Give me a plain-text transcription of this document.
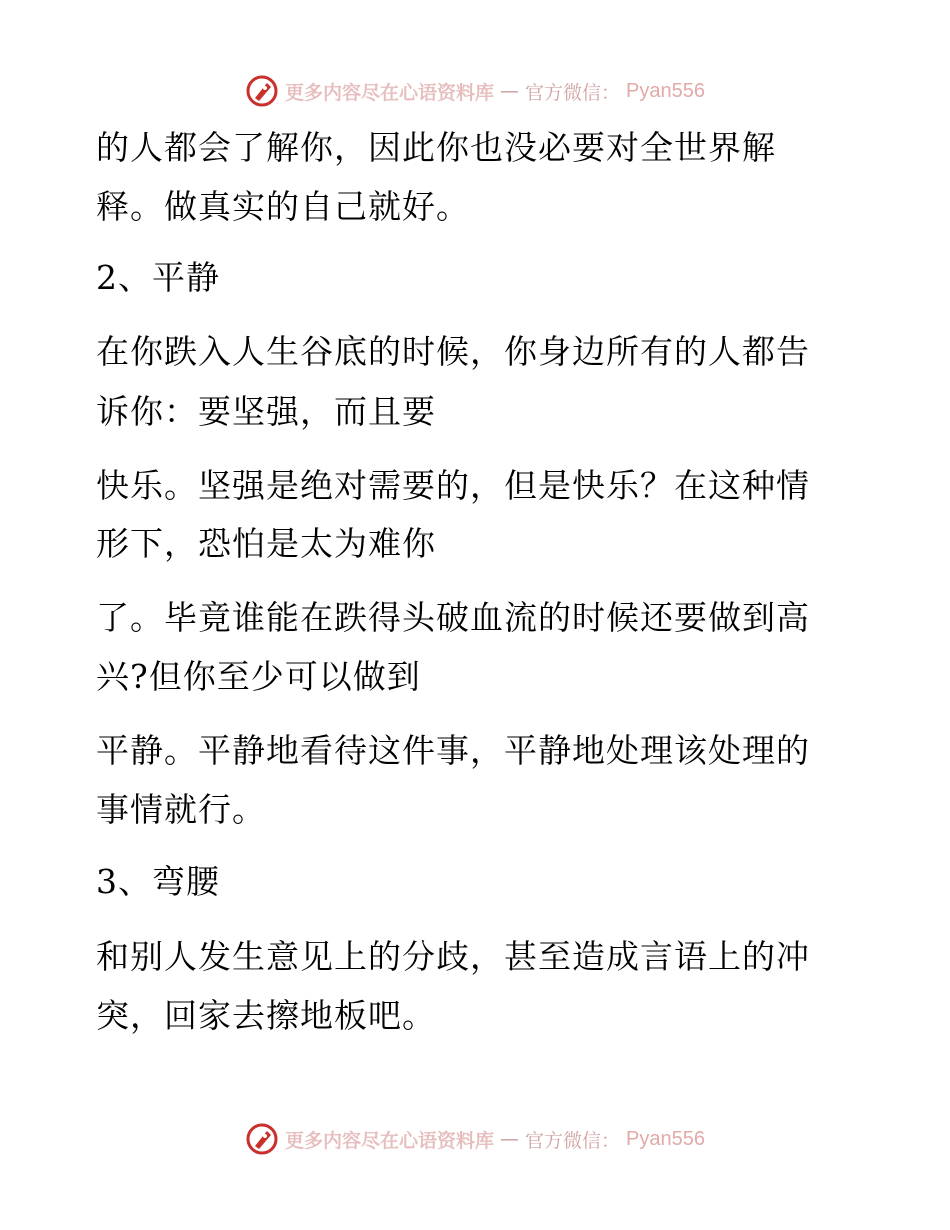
更多内容尽在心语资料库 — 官方微信： Pyan556
的人都会了解你，因此你也没必要对全世界解
释。做真实的自己就好。
2、平静
在你跌入人生谷底的时候，你身边所有的人都告
诉你：要坚强，而且要
快乐。坚强是绝对需要的，但是快乐？在这种情
形下，恐怕是太为难你
了。毕竟谁能在跌得头破血流的时候还要做到高
兴?但你至少可以做到
平静。平静地看待这件事，平静地处理该处理的
事情就行。
3、弯腰
和别人发生意见上的分歧，甚至造成言语上的冲
突，回家去擦地板吧。
更多内容尽在心语资料库 — 官方微信： Pyan556
